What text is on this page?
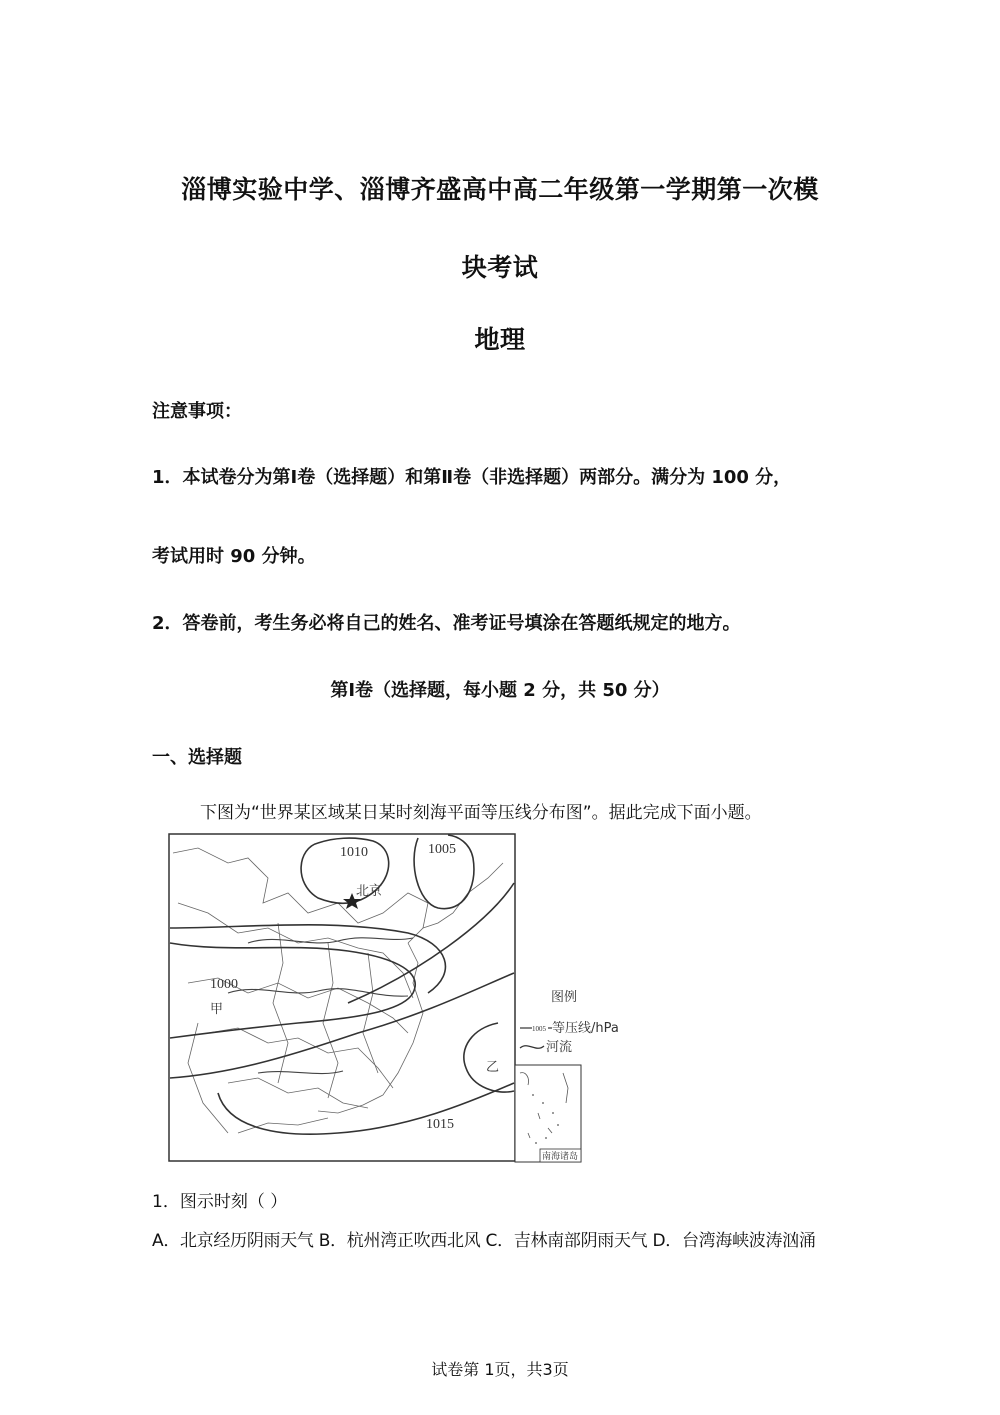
淄博实验中学、淄博齐盛高中高二年级第一学期第一次模
块考试
地理
注意事项：
1．本试卷分为第Ⅰ卷（选择题）和第Ⅱ卷（非选择题）两部分。满分为 100 分，
考试用时 90 分钟。
2．答卷前，考生务必将自己的姓名、准考证号填涂在答题纸规定的地方。
第Ⅰ卷（选择题，每小题 2 分，共 50 分）
一、选择题
下图为“世界某区域某日某时刻海平面等压线分布图”。据此完成下面小题。
1010	1005
1000
1015
北京
甲
乙
图例
1005 等压线/hPa
河流
南海诸岛
1．图示时刻（ ）
A．北京经历阴雨天气 B．杭州湾正吹西北风 C．吉林南部阴雨天气 D．台湾海峡波涛汹涌
试卷第 1页，共3页
